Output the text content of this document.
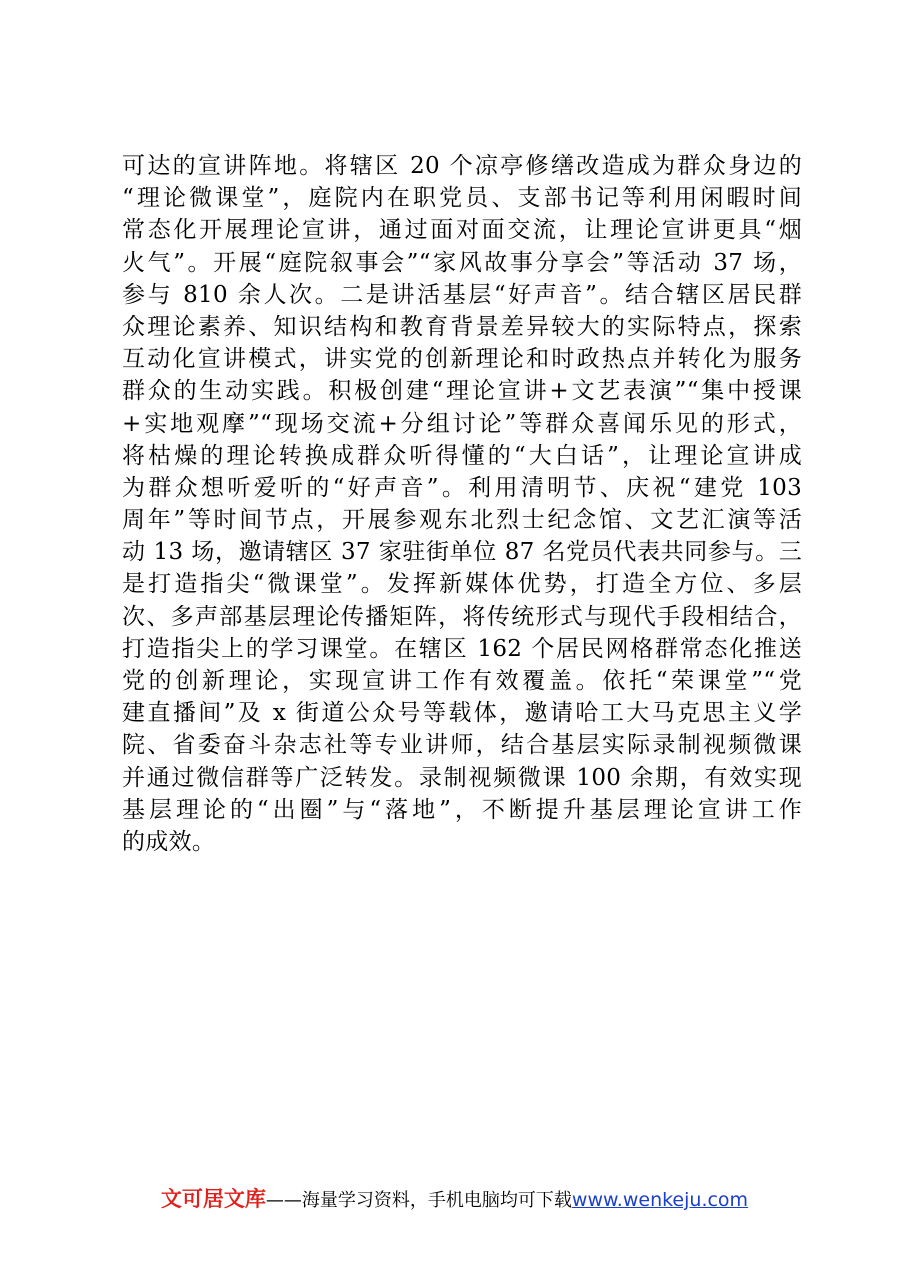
可达的宣讲阵地。将辖区 20 个凉亭修缮改造成为群众身边的
“理论微课堂”，庭院内在职党员、支部书记等利用闲暇时间
常态化开展理论宣讲，通过面对面交流，让理论宣讲更具“烟
火气”。开展“庭院叙事会”“家风故事分享会”等活动 37 场，
参与 810 余人次。二是讲活基层“好声音”。结合辖区居民群
众理论素养、知识结构和教育背景差异较大的实际特点，探索
互动化宣讲模式，讲实党的创新理论和时政热点并转化为服务
群众的生动实践。积极创建“理论宣讲+文艺表演”“集中授课
+实地观摩”“现场交流+分组讨论”等群众喜闻乐见的形式，
将枯燥的理论转换成群众听得懂的“大白话”，让理论宣讲成
为群众想听爱听的“好声音”。利用清明节、庆祝“建党 103
周年”等时间节点，开展参观东北烈士纪念馆、文艺汇演等活
动 13 场，邀请辖区 37 家驻街单位 87 名党员代表共同参与。三
是打造指尖“微课堂”。发挥新媒体优势，打造全方位、多层
次、多声部基层理论传播矩阵，将传统形式与现代手段相结合，
打造指尖上的学习课堂。在辖区 162 个居民网格群常态化推送
党的创新理论，实现宣讲工作有效覆盖。依托“荣课堂”“党
建直播间”及 x 街道公众号等载体，邀请哈工大马克思主义学
院、省委奋斗杂志社等专业讲师，结合基层实际录制视频微课
并通过微信群等广泛转发。录制视频微课 100 余期，有效实现
基层理论的“出圈”与“落地”，不断提升基层理论宣讲工作
的成效。
文可居文库——海量学习资料，手机电脑均可下载www.wenkeju.com
